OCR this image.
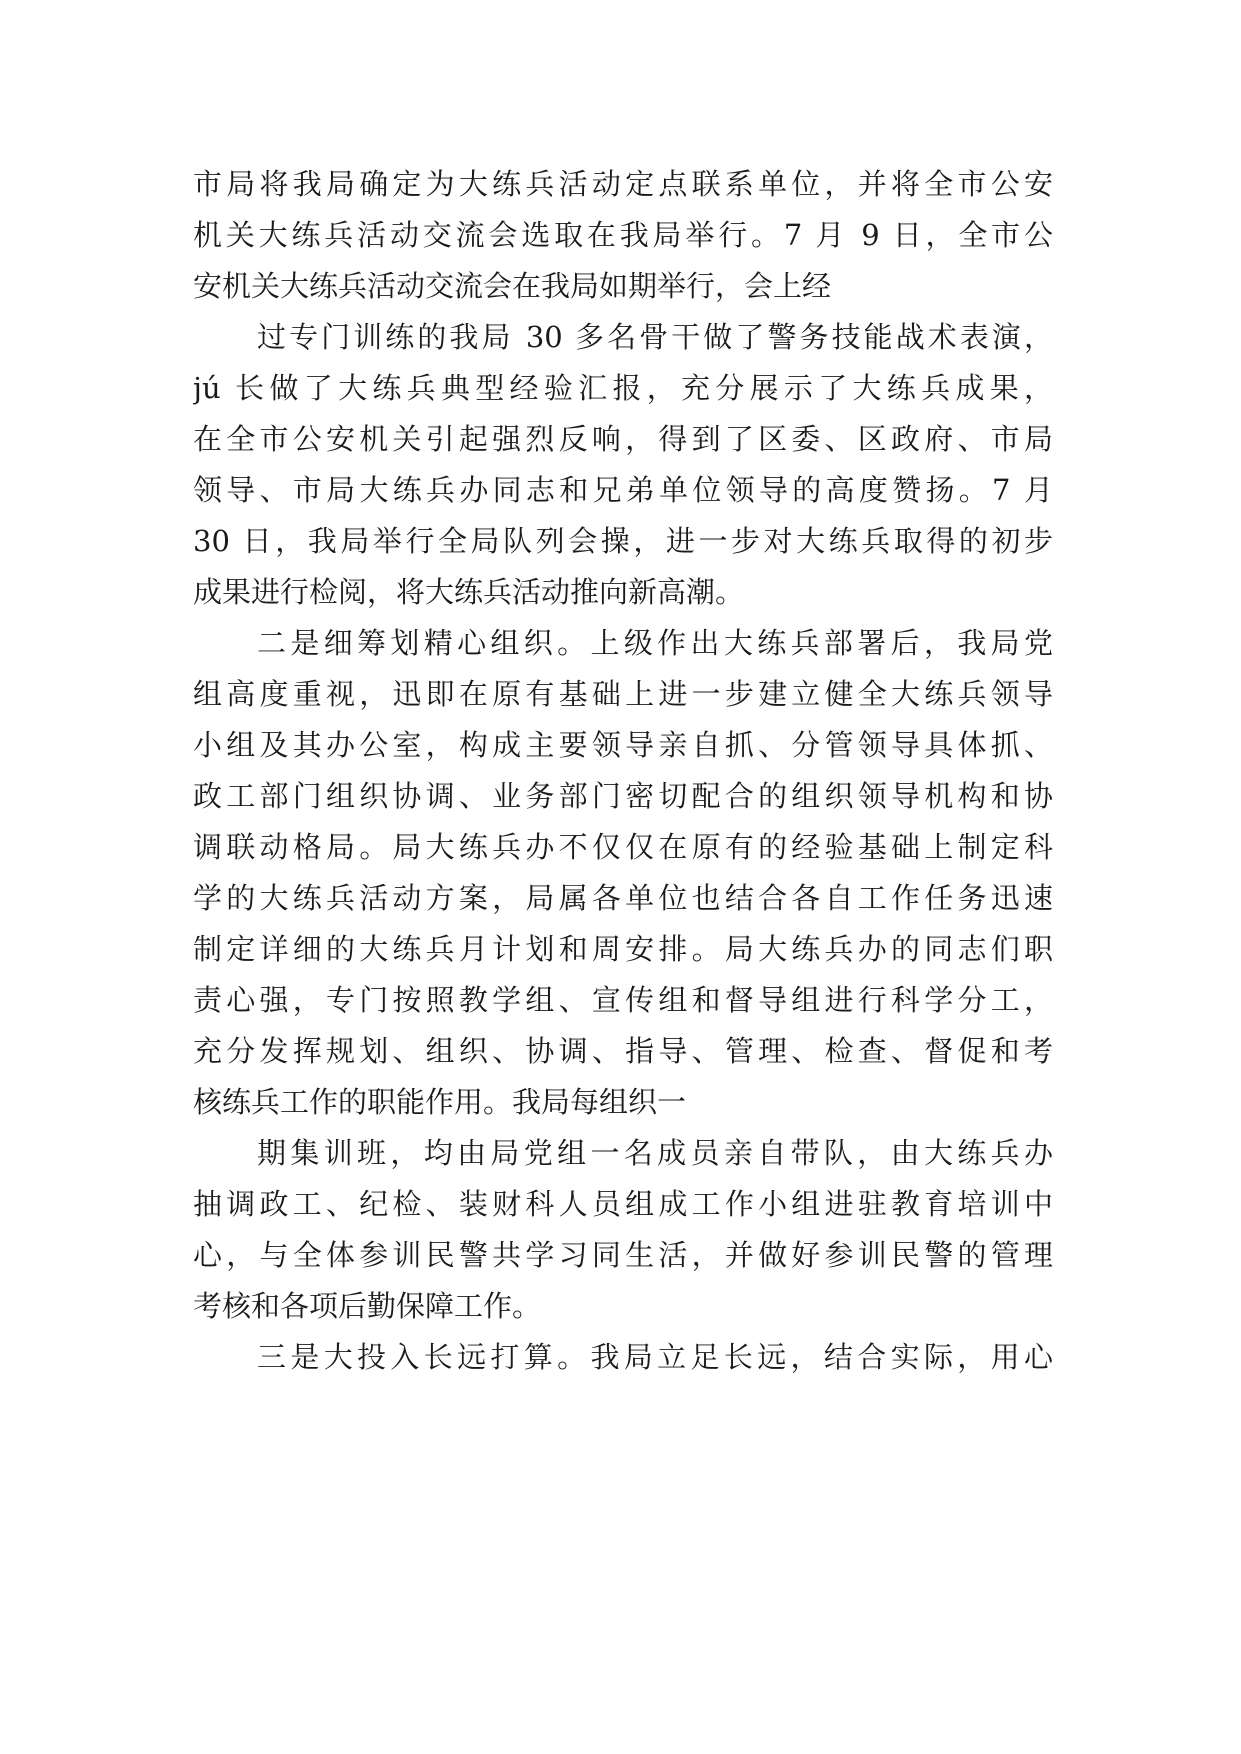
市局将我局确定为大练兵活动定点联系单位，并将全市公安
机关大练兵活动交流会选取在我局举行。7 月 9 日，全市公
安机关大练兵活动交流会在我局如期举行，会上经
过专门训练的我局 30 多名骨干做了警务技能战术表演，
jú 长做了大练兵典型经验汇报，充分展示了大练兵成果，
在全市公安机关引起强烈反响，得到了区委、区政府、市局
领导、市局大练兵办同志和兄弟单位领导的高度赞扬。7 月
30 日，我局举行全局队列会操，进一步对大练兵取得的初步
成果进行检阅，将大练兵活动推向新高潮。
二是细筹划精心组织。上级作出大练兵部署后，我局党
组高度重视，迅即在原有基础上进一步建立健全大练兵领导
小组及其办公室，构成主要领导亲自抓、分管领导具体抓、
政工部门组织协调、业务部门密切配合的组织领导机构和协
调联动格局。局大练兵办不仅仅在原有的经验基础上制定科
学的大练兵活动方案，局属各单位也结合各自工作任务迅速
制定详细的大练兵月计划和周安排。局大练兵办的同志们职
责心强，专门按照教学组、宣传组和督导组进行科学分工，
充分发挥规划、组织、协调、指导、管理、检查、督促和考
核练兵工作的职能作用。我局每组织一
期集训班，均由局党组一名成员亲自带队，由大练兵办
抽调政工、纪检、装财科人员组成工作小组进驻教育培训中
心，与全体参训民警共学习同生活，并做好参训民警的管理
考核和各项后勤保障工作。
三是大投入长远打算。我局立足长远，结合实际，用心
